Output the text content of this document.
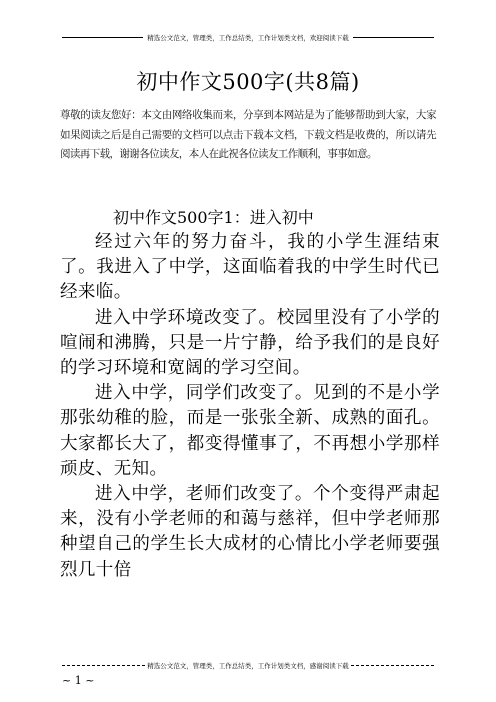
精选公文范文，管理类，工作总结类，工作计划类文档，欢迎阅读下载
初中作文500字(共8篇)
尊敬的读友您好：本文由网络收集而来，分享到本网站是为了能够帮助到大家，大家如果阅读之后是自己需要的文档可以点击下载本文档，下载文档是收费的，所以请先阅读再下载，谢谢各位读友，本人在此祝各位读友工作顺利，事事如意。
初中作文500字1：进入初中

经过六年的努力奋斗，我的小学生涯结束了。我进入了中学，这面临着我的中学生时代已经来临。

进入中学环境改变了。校园里没有了小学的喧闹和沸腾，只是一片宁静，给予我们的是良好的学习环境和宽阔的学习空间。

进入中学，同学们改变了。见到的不是小学那张幼稚的脸，而是一张张全新、成熟的面孔。大家都长大了，都变得懂事了，不再想小学那样顽皮、无知。

进入中学，老师们改变了。个个变得严肃起来，没有小学老师的和蔼与慈祥，但中学老师那种望自己的学生长大成材的心情比小学老师要强烈几十倍

精选公文范文，管理类，工作总结类，工作计划类文档，感谢阅读下载
~ 1 ~
